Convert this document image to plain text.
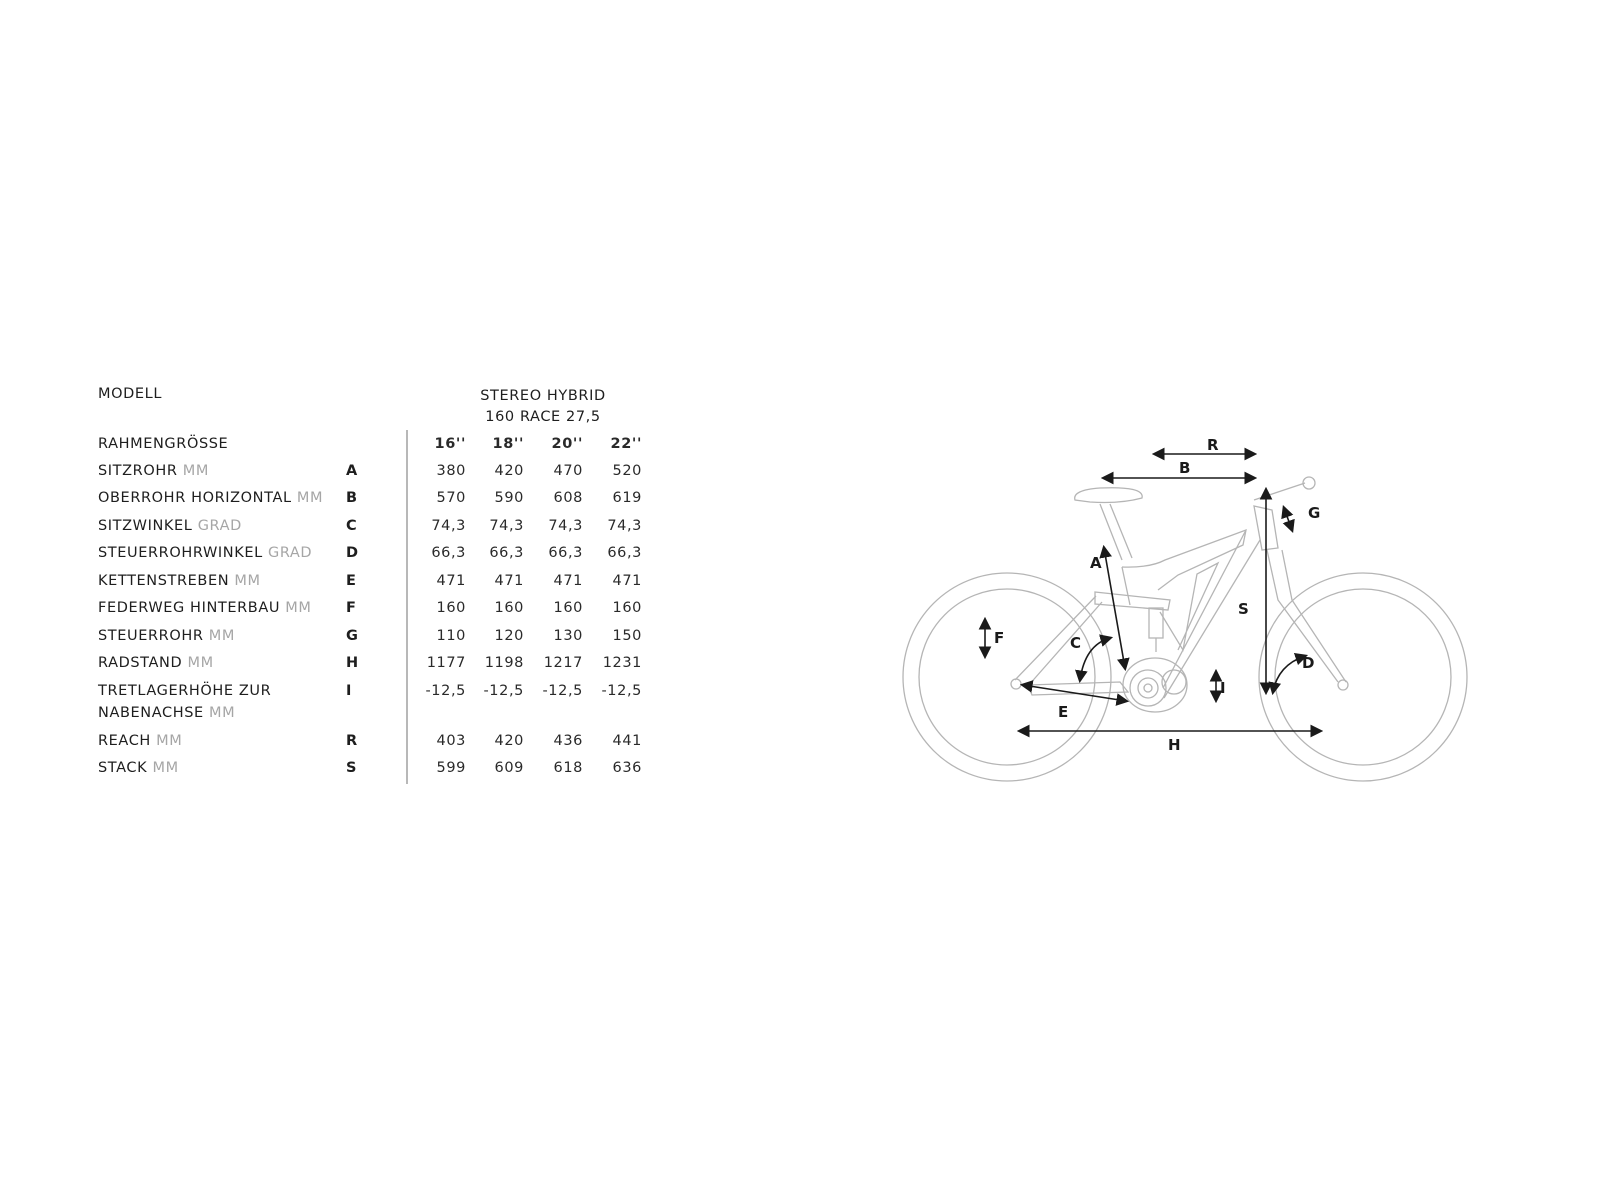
MODELL	STEREO HYBRID
160 RACE 27,5
RAHMENGRÖSSE	16''	18''	20''	22''
SITZROHR MM	A	380	420	470	520
OBERROHR HORIZONTAL MM B	570	590	608	619
SITZWINKEL GRAD	C	74,3	74,3	74,3	74,3
STEUERROHRWINKEL GRAD D	66,3	66,3	66,3	66,3
KETTENSTREBEN MM	E	471	471	471	471
FEDERWEG HINTERBAU MM F	160	160	160	160
STEUERROHR MM	G	110	120	130	150
RADSTAND MM	H	1177	1198	1217	1231
TRETLAGERHÖHE ZUR
NABENACHSE MM
I	-12,5	-12,5	-12,5	-12,5
REACH MM	R	403	420	436	441
STACK MM	S	599	609	618	636
R
B
A
S
G
F	C
D
I
E
H
